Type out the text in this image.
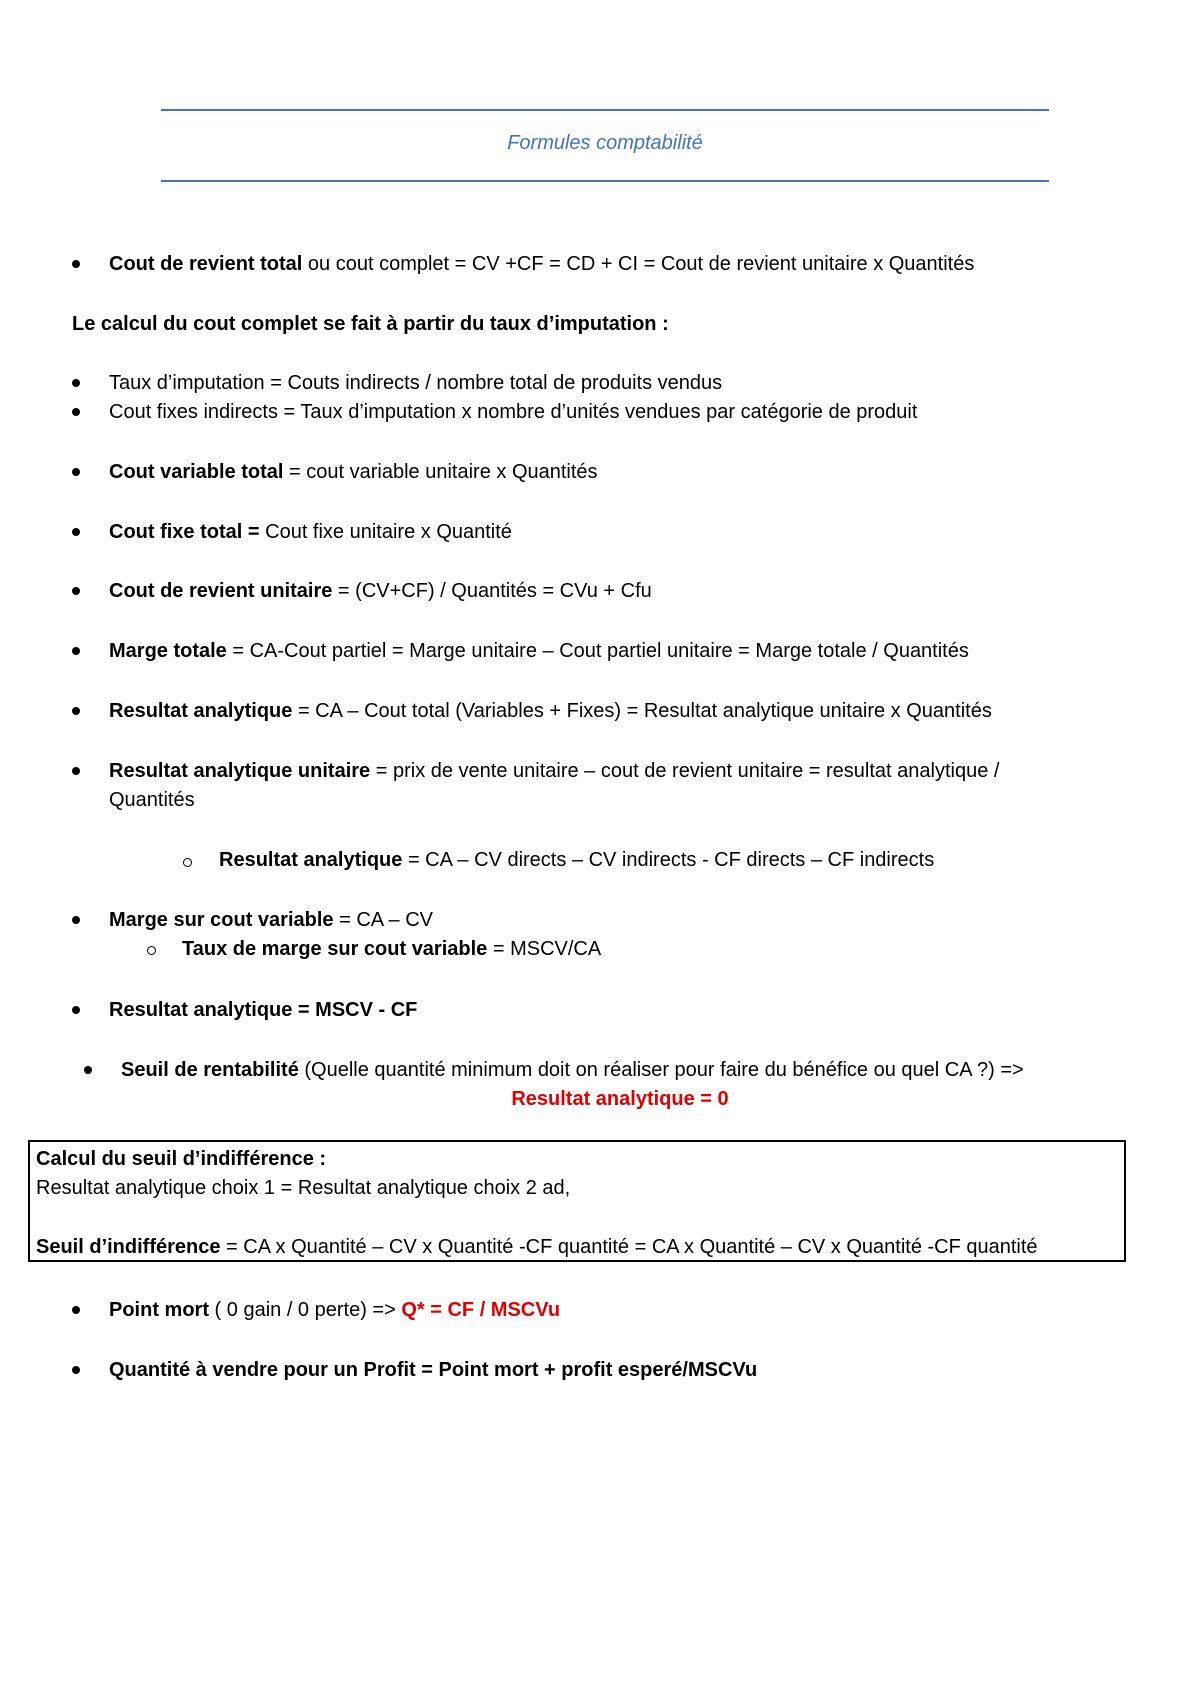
Formules comptabilité
Cout de revient total ou cout complet = CV +CF = CD + CI = Cout de revient unitaire x Quantités
Le calcul du cout complet se fait à partir du taux d’imputation :
Taux d’imputation = Couts indirects / nombre total de produits vendus
Cout fixes indirects = Taux d’imputation x nombre d’unités vendues par catégorie de produit
Cout variable total = cout variable unitaire x Quantités
Cout fixe total = Cout fixe unitaire x Quantité
Cout de revient unitaire = (CV+CF) / Quantités = CVu + Cfu
Marge totale = CA-Cout partiel = Marge unitaire – Cout partiel unitaire = Marge totale / Quantités
Resultat analytique = CA – Cout total (Variables + Fixes) = Resultat analytique unitaire x Quantités
Resultat analytique unitaire = prix de vente unitaire – cout de revient unitaire = resultat analytique /
Quantités
Resultat analytique = CA – CV directs – CV indirects - CF directs – CF indirects
Marge sur cout variable = CA – CV
Taux de marge sur cout variable = MSCV/CA
Resultat analytique = MSCV - CF
Seuil de rentabilité (Quelle quantité minimum doit on réaliser pour faire du bénéfice ou quel CA ?) =>
Resultat analytique = 0
Calcul du seuil d’indifférence :
Resultat analytique choix 1 = Resultat analytique choix 2 ad,
Seuil d’indifférence = CA x Quantité – CV x Quantité -CF quantité = CA x Quantité – CV x Quantité -CF quantité
Point mort ( 0 gain / 0 perte) => Q* = CF / MSCVu
Quantité à vendre pour un Profit = Point mort + profit esperé/MSCVu
